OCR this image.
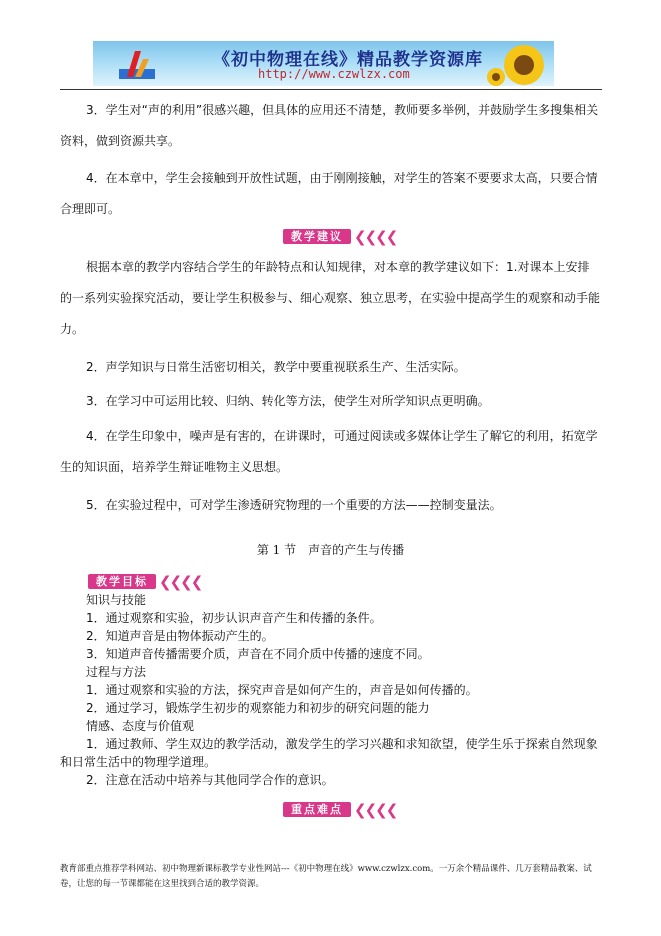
《初中物理在线》精品教学资源库
http://www.czwlzx.com

3．学生对“声的利用”很感兴趣，但具体的应用还不清楚，教师要多举例，并鼓励学生多搜集相关资料，做到资源共享。

4．在本章中，学生会接触到开放性试题，由于刚刚接触，对学生的答案不要要求太高，只要合情合理即可。

教学建议 ❮❮❮❮

根据本章的教学内容结合学生的年龄特点和认知规律，对本章的教学建议如下：1.对课本上安排的一系列实验探究活动，要让学生积极参与、细心观察、独立思考，在实验中提高学生的观察和动手能力。

2．声学知识与日常生活密切相关，教学中要重视联系生产、生活实际。

3．在学习中可运用比较、归纳、转化等方法，使学生对所学知识点更明确。

4．在学生印象中，噪声是有害的，在讲课时，可通过阅读或多媒体让学生了解它的利用，拓宽学生的知识面，培养学生辩证唯物主义思想。

5．在实验过程中，可对学生渗透研究物理的一个重要的方法——控制变量法。

第 1 节　声音的产生与传播
教学目标 ❮❮❮❮

知识与技能

1．通过观察和实验，初步认识声音产生和传播的条件。

2．知道声音是由物体振动产生的。

3．知道声音传播需要介质，声音在不同介质中传播的速度不同。

过程与方法

1．通过观察和实验的方法，探究声音是如何产生的，声音是如何传播的。

2．通过学习，锻炼学生初步的观察能力和初步的研究问题的能力

情感、态度与价值观

1．通过教师、学生双边的教学活动，激发学生的学习兴趣和求知欲望，使学生乐于探索自然现象和日常生活中的物理学道理。

2．注意在活动中培养与其他同学合作的意识。

重点难点 ❮❮❮❮
教育部重点推荐学科网站、初中物理新课标教学专业性网站---《初中物理在线》www.czwlzx.com。一万余个精品课件、几万套精品教案、试卷，让您的每一节课都能在这里找到合适的教学资源。
